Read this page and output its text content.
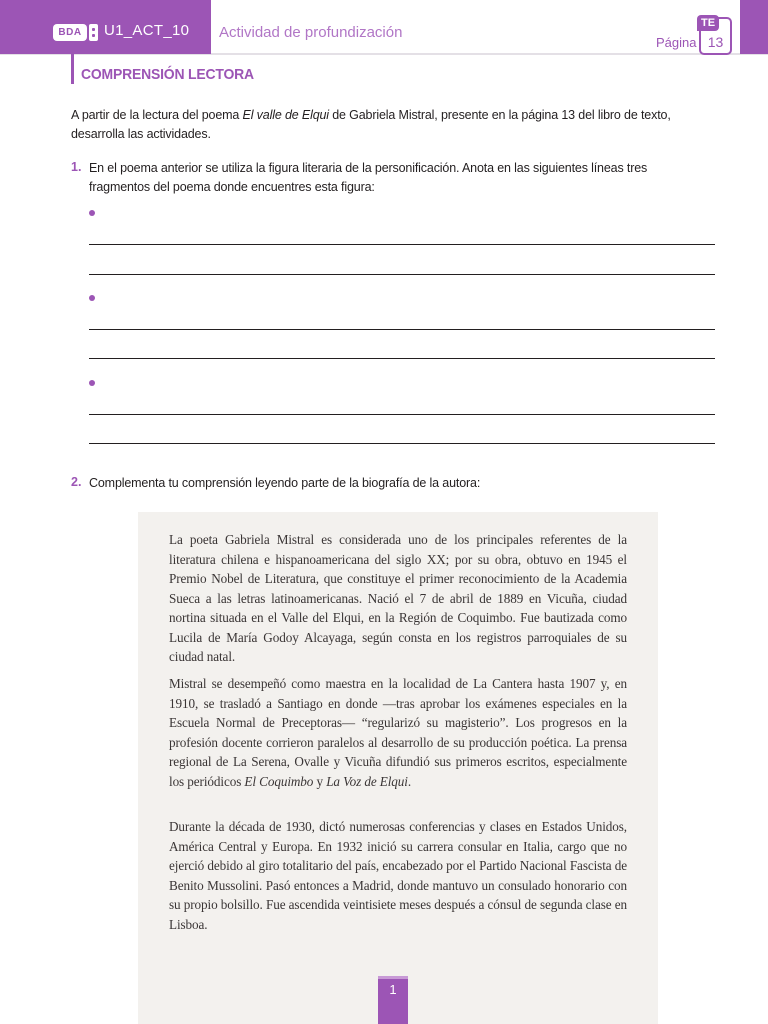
BDA	U1_ACT_10 Actividad de profundización
Página
TE
13
COMPRENSIÓN LECTORA

A partir de la lectura del poema El valle de Elqui de Gabriela Mistral, presente en la página 13 del libro de texto, desarrolla las actividades.

1. En el poema anterior se utiliza la figura literaria de la personificación. Anota en las siguientes líneas tres fragmentos del poema donde encuentres esta figura:
2. Complementa tu comprensión leyendo parte de la biografía de la autora:

La poeta Gabriela Mistral es considerada uno de los principales referentes de la literatura chilena e hispanoamericana del siglo XX; por su obra, obtuvo en 1945 el Premio Nobel de Literatura, que constituye el primer reconocimiento de la Academia Sueca a las letras latinoamericanas. Nació el 7 de abril de 1889 en Vicuña, ciudad nortina situada en el Valle del Elqui, en la Región de Coquimbo. Fue bautizada como Lucila de María Godoy Alcayaga, según consta en los registros parroquiales de su ciudad natal.

Mistral se desempeñó como maestra en la localidad de La Cantera hasta 1907 y, en 1910, se trasladó a Santiago en donde —tras aprobar los exámenes especiales en la Escuela Normal de Preceptoras— “regularizó su magisterio”. Los progresos en la profesión docente corrieron paralelos al desarrollo de su producción poética. La prensa regional de La Serena, Ovalle y Vicuña difundió sus primeros escritos, especialmente los periódicos El Coquimbo y La Voz de Elqui.

Durante la década de 1930, dictó numerosas conferencias y clases en Estados Unidos, América Central y Europa. En 1932 inició su carrera consular en Italia, cargo que no ejerció debido al giro totalitario del país, encabezado por el Partido Nacional Fascista de Benito Mussolini. Pasó entonces a Madrid, donde mantuvo un consulado honorario con su propio bolsillo. Fue ascendida veintisiete meses después a cónsul de segunda clase en Lisboa.

1
